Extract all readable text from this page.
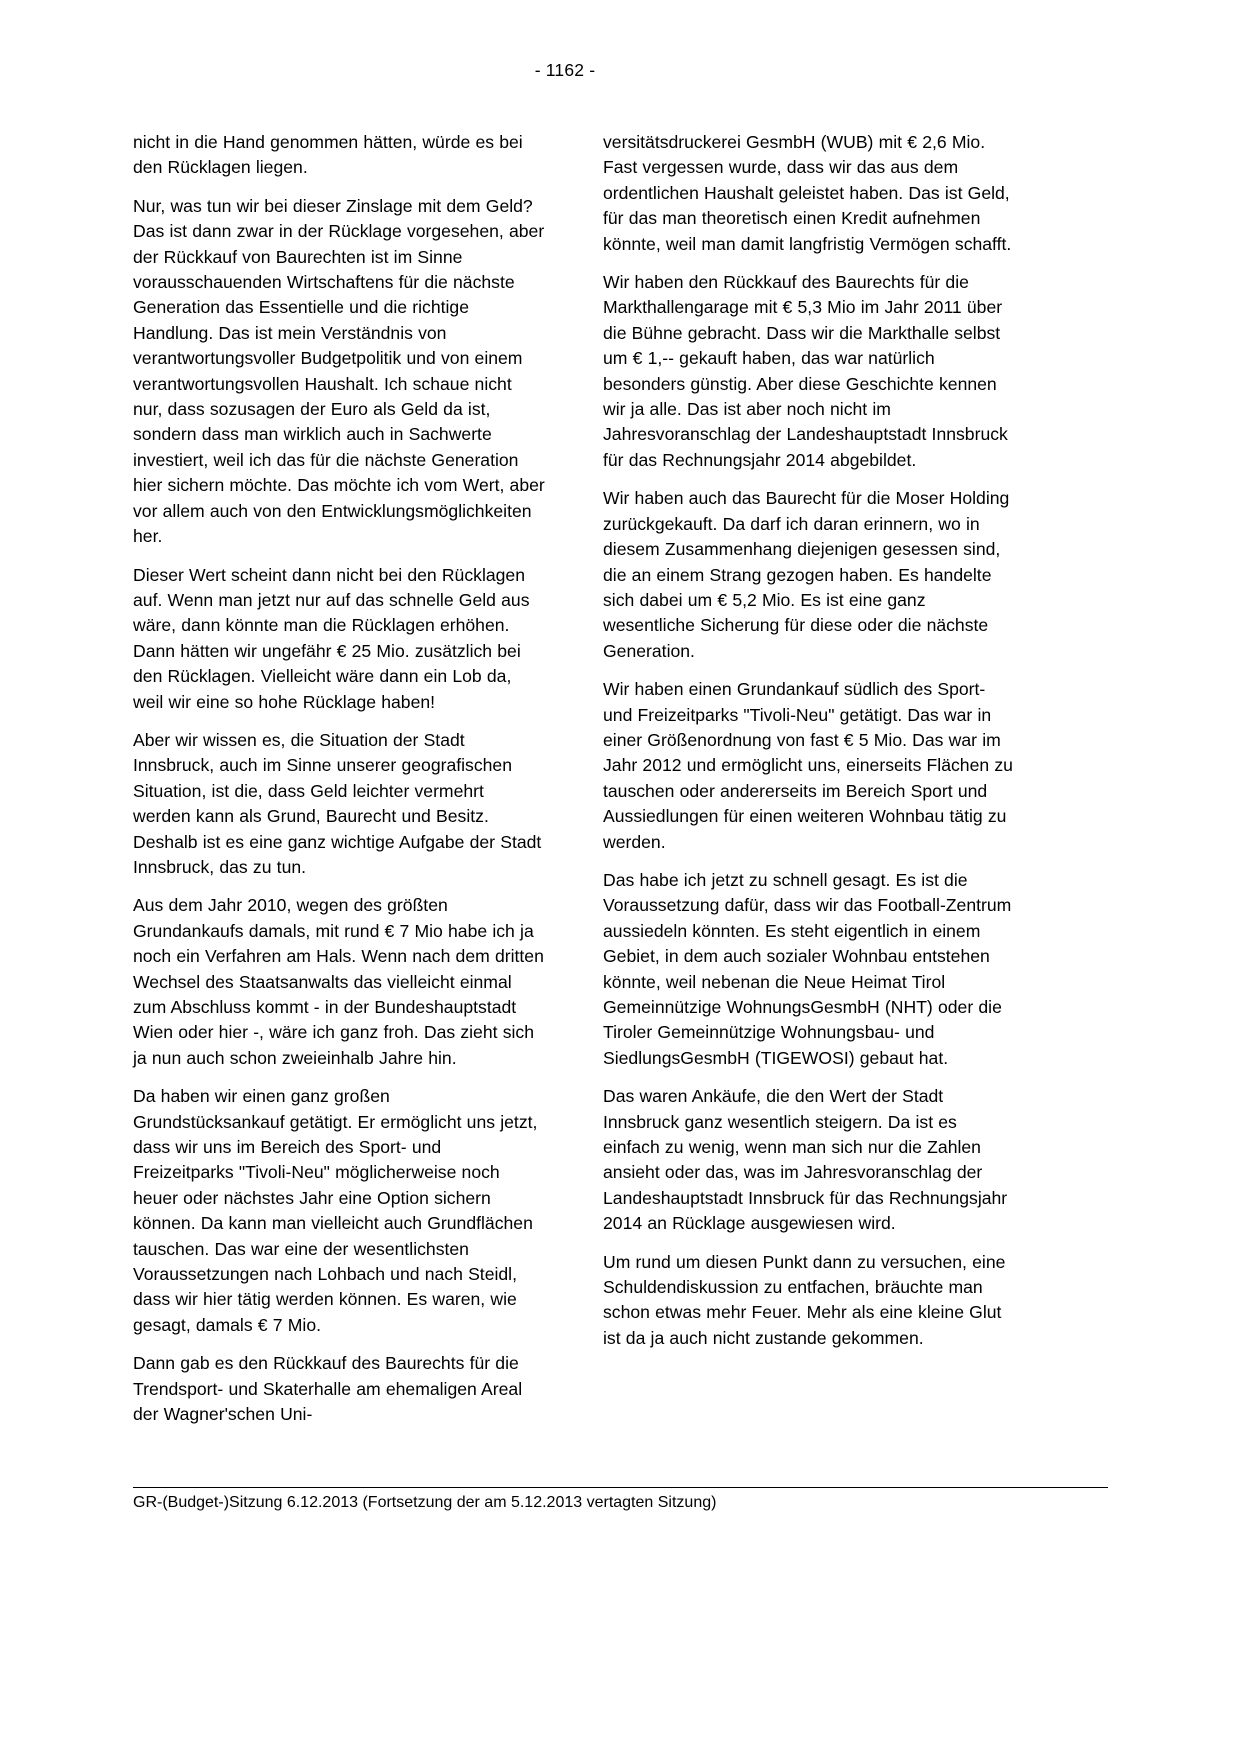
- 1162 -

nicht in die Hand genommen hätten, würde es bei den Rücklagen liegen.

Nur, was tun wir bei dieser Zinslage mit dem Geld? Das ist dann zwar in der Rücklage vorgesehen, aber der Rückkauf von Baurechten ist im Sinne vorausschauenden Wirtschaftens für die nächste Generation das Essentielle und die richtige Handlung. Das ist mein Verständnis von verantwortungsvoller Budgetpolitik und von einem verantwortungsvollen Haushalt. Ich schaue nicht nur, dass sozusagen der Euro als Geld da ist, sondern dass man wirklich auch in Sachwerte investiert, weil ich das für die nächste Generation hier sichern möchte. Das möchte ich vom Wert, aber vor allem auch von den Entwicklungsmöglichkeiten her.

Dieser Wert scheint dann nicht bei den Rücklagen auf. Wenn man jetzt nur auf das schnelle Geld aus wäre, dann könnte man die Rücklagen erhöhen. Dann hätten wir ungefähr € 25 Mio. zusätzlich bei den Rücklagen. Vielleicht wäre dann ein Lob da, weil wir eine so hohe Rücklage haben!

Aber wir wissen es, die Situation der Stadt Innsbruck, auch im Sinne unserer geografischen Situation, ist die, dass Geld leichter vermehrt werden kann als Grund, Baurecht und Besitz. Deshalb ist es eine ganz wichtige Aufgabe der Stadt Innsbruck, das zu tun.

Aus dem Jahr 2010, wegen des größten Grundankaufs damals, mit rund € 7 Mio habe ich ja noch ein Verfahren am Hals. Wenn nach dem dritten Wechsel des Staatsanwalts das vielleicht einmal zum Abschluss kommt - in der Bundeshauptstadt Wien oder hier -, wäre ich ganz froh. Das zieht sich ja nun auch schon zweieinhalb Jahre hin.

Da haben wir einen ganz großen Grundstücksankauf getätigt. Er ermöglicht uns jetzt, dass wir uns im Bereich des Sport- und Freizeitparks "Tivoli-Neu" möglicherweise noch heuer oder nächstes Jahr eine Option sichern können. Da kann man vielleicht auch Grundflächen tauschen. Das war eine der wesentlichsten Voraussetzungen nach Lohbach und nach Steidl, dass wir hier tätig werden können. Es waren, wie gesagt, damals € 7 Mio.

Dann gab es den Rückkauf des Baurechts für die Trendsport- und Skaterhalle am ehemaligen Areal der Wagner'schen Uni-

versitätsdruckerei GesmbH (WUB) mit € 2,6 Mio. Fast vergessen wurde, dass wir das aus dem ordentlichen Haushalt geleistet haben. Das ist Geld, für das man theoretisch einen Kredit aufnehmen könnte, weil man damit langfristig Vermögen schafft.

Wir haben den Rückkauf des Baurechts für die Markthallengarage mit € 5,3 Mio im Jahr 2011 über die Bühne gebracht. Dass wir die Markthalle selbst um € 1,-- gekauft haben, das war natürlich besonders günstig. Aber diese Geschichte kennen wir ja alle. Das ist aber noch nicht im Jahresvoranschlag der Landeshauptstadt Innsbruck für das Rechnungsjahr 2014 abgebildet.

Wir haben auch das Baurecht für die Moser Holding zurückgekauft. Da darf ich daran erinnern, wo in diesem Zusammenhang diejenigen gesessen sind, die an einem Strang gezogen haben. Es handelte sich dabei um € 5,2 Mio. Es ist eine ganz wesentliche Sicherung für diese oder die nächste Generation.

Wir haben einen Grundankauf südlich des Sport- und Freizeitparks "Tivoli-Neu" getätigt. Das war in einer Größenordnung von fast € 5 Mio. Das war im Jahr 2012 und ermöglicht uns, einerseits Flächen zu tauschen oder andererseits im Bereich Sport und Aussiedlungen für einen weiteren Wohnbau tätig zu werden.

Das habe ich jetzt zu schnell gesagt. Es ist die Voraussetzung dafür, dass wir das Football-Zentrum aussiedeln könnten. Es steht eigentlich in einem Gebiet, in dem auch sozialer Wohnbau entstehen könnte, weil nebenan die Neue Heimat Tirol Gemeinnützige WohnungsGesmbH (NHT) oder die Tiroler Gemeinnützige Wohnungsbau- und SiedlungsGesmbH (TIGEWOSI) gebaut hat.

Das waren Ankäufe, die den Wert der Stadt Innsbruck ganz wesentlich steigern. Da ist es einfach zu wenig, wenn man sich nur die Zahlen ansieht oder das, was im Jahresvoranschlag der Landeshauptstadt Innsbruck für das Rechnungsjahr 2014 an Rücklage ausgewiesen wird.

Um rund um diesen Punkt dann zu versuchen, eine Schuldendiskussion zu entfachen, bräuchte man schon etwas mehr Feuer. Mehr als eine kleine Glut ist da ja auch nicht zustande gekommen.

GR-(Budget-)Sitzung 6.12.2013 (Fortsetzung der am 5.12.2013 vertagten Sitzung)
